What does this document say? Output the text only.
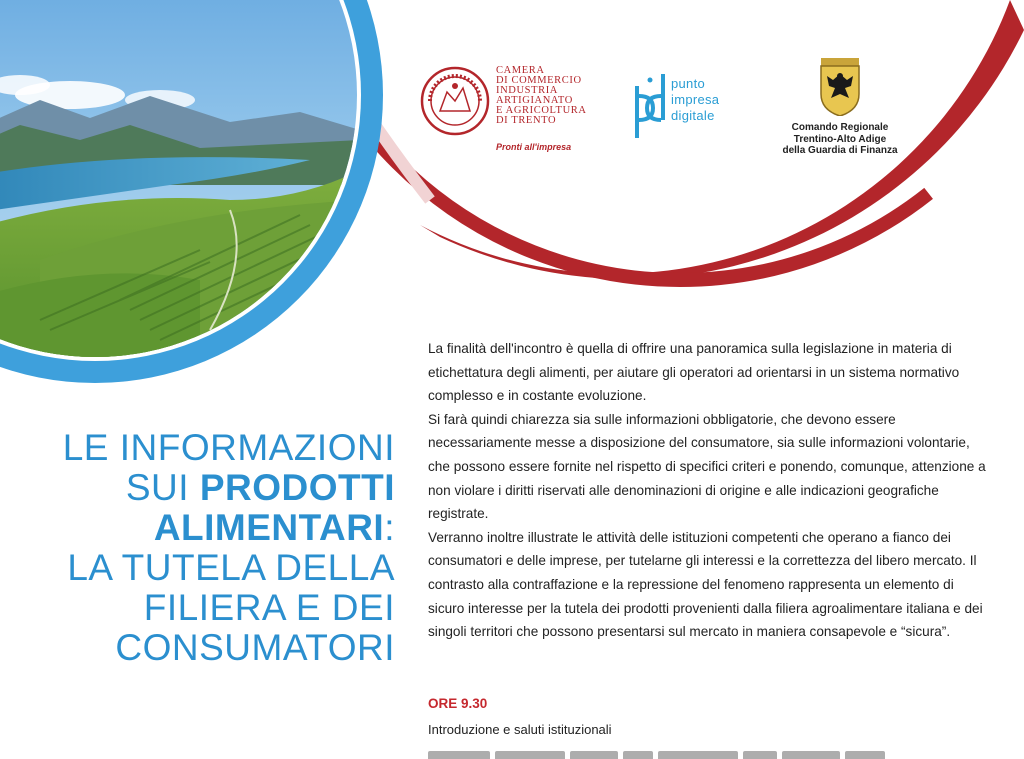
CAMERA
DI COMMERCIO
INDUSTRIA
ARTIGIANATO
E AGRICOLTURA
DI TRENTO
Pronti all'impresa
punto
impresa
digitale
Comando Regionale
Trentino-Alto Adige
della Guardia di Finanza
LE INFORMAZIONI
SUI PRODOTTI
ALIMENTARI:
LA TUTELA DELLA
FILIERA E DEI
CONSUMATORI

La finalità dell'incontro è quella di offrire una panoramica sulla legislazione in materia di etichettatura degli alimenti, per aiutare gli operatori ad orientarsi in un sistema normativo complesso e in costante evoluzione.

Si farà quindi chiarezza sia sulle informazioni obbligatorie, che devono essere necessariamente messe a disposizione del consumatore, sia sulle informazioni volontarie, che possono essere fornite nel rispetto di specifici criteri e ponendo, comunque, attenzione a non violare i diritti riservati alle denominazioni di origine e alle indicazioni geografiche registrate.

Verranno inoltre illustrate le attività delle istituzioni competenti che operano a fianco dei consumatori e delle imprese, per tutelarne gli interessi e la correttezza del libero mercato. Il contrasto alla contraffazione e la repressione del fenomeno rappresenta un elemento di sicuro interesse per la tutela dei prodotti provenienti dalla filiera agroalimentare italiana e dei singoli territori che possono presentarsi sul mercato in maniera consapevole e “sicura”.

ORE 9.30
Introduzione e saluti istituzionali
